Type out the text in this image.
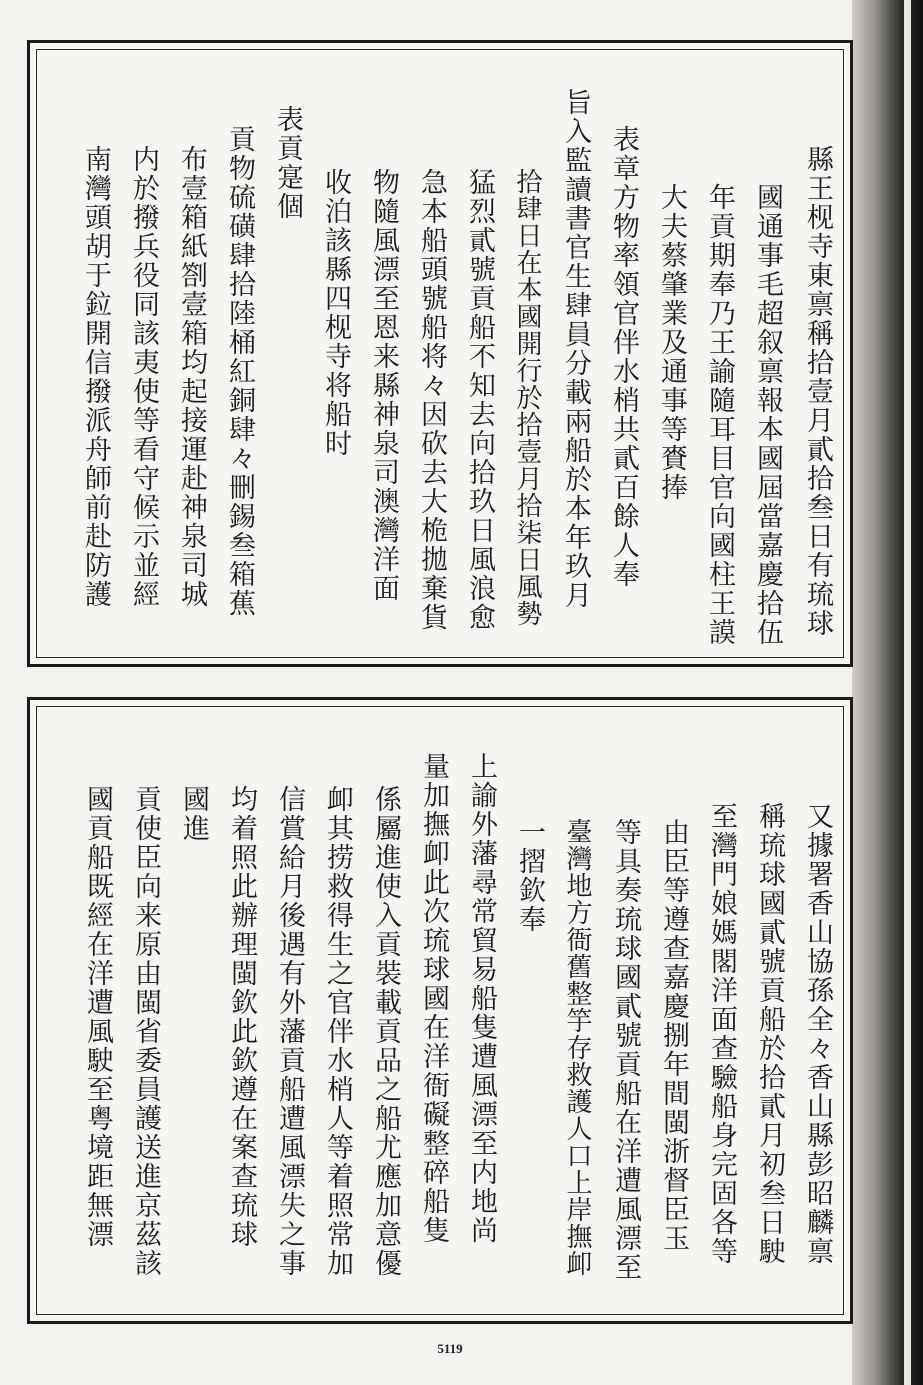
縣王枧寺東禀稱拾壹月貳拾叁日有琉球
國通事毛超叙禀報本國屆當嘉慶拾伍
年貢期奉乃王諭隨耳目官向國柱王謨
大夫蔡肇業及通事等賚捧
表章方物率領官伴水梢共貳百餘人奉
旨入監讀書官生肆員分載兩船於本年玖月
拾肆日在本國開行於拾壹月拾柒日風勢
猛烈貳號貢船不知去向拾玖日風浪愈
急本船頭號船将々因砍去大桅拋棄貨
物隨風漂至恩来縣神泉司澳灣洋面
收泊該縣四枧寺将船时
表貢寔個
貢物硫磺肆拾陸桶紅銅肆々刪錫叁箱蕉
布壹箱紙劄壹箱均起接運赴神泉司城
内於撥兵役同該夷使等看守候示並經
南灣頭胡于鉝開信撥派舟師前赴防護
又據署香山協孫全々香山縣彭昭麟禀
稱琉球國貳號貢船於拾貳月初叁日駛
至灣門娘媽閣洋面查驗船身完固各等
由臣等遵查嘉慶捌年間閩浙督臣玉
等具奏琉球國貳號貢船在洋遭風漂至
臺灣地方衙舊整竽存救護人口上岸撫卹
一摺欽奉
上諭外藩尋常貿易船隻遭風漂至内地尚
量加撫卹此次琉球國在洋衙礙整碎船隻
係屬進使入貢裝載貢品之船尤應加意優
卹其捞救得生之官伴水梢人等着照常加
信賞給月後遇有外藩貢船遭風漂失之事
均着照此辦理閩欽此欽遵在案查琉球
國進
貢使臣向来原由閩省委員護送進京茲該
國貢船既經在洋遭風駛至粤境距無漂
5119
